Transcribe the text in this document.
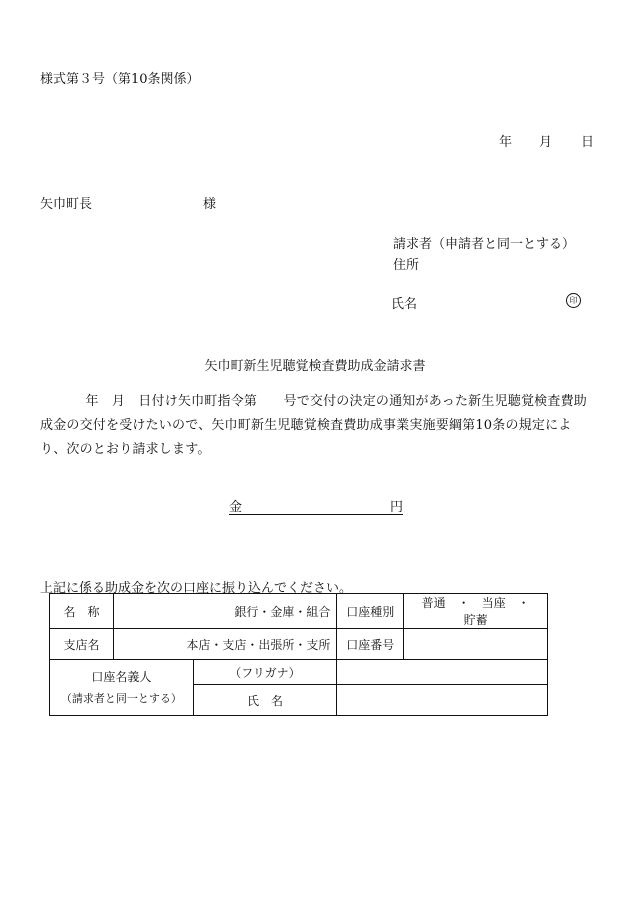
様式第３号（第10条関係）
年 月 日
矢巾町長	様
請求者（申請者と同一とする）
住所
氏名	印
矢巾町新生児聴覚検査費助成金請求書
年　月　日付け矢巾町指令第　　号で交付の決定の通知があった新生児聴覚検査費助成金の交付を受けたいので、矢巾町新生児聴覚検査費助成事業実施要綱第10条の規定により、次のとおり請求します。
金	円
上記に係る助成金を次の口座に振り込んでください。
名　称	銀行・金庫・組合		口座種別	普通　・　当座　・　貯蓄
支店名	本店・支店・出張所・支所		口座番号	

口座名義人
（請求者と同一とする）		（フリガナ）		
		氏　名		
